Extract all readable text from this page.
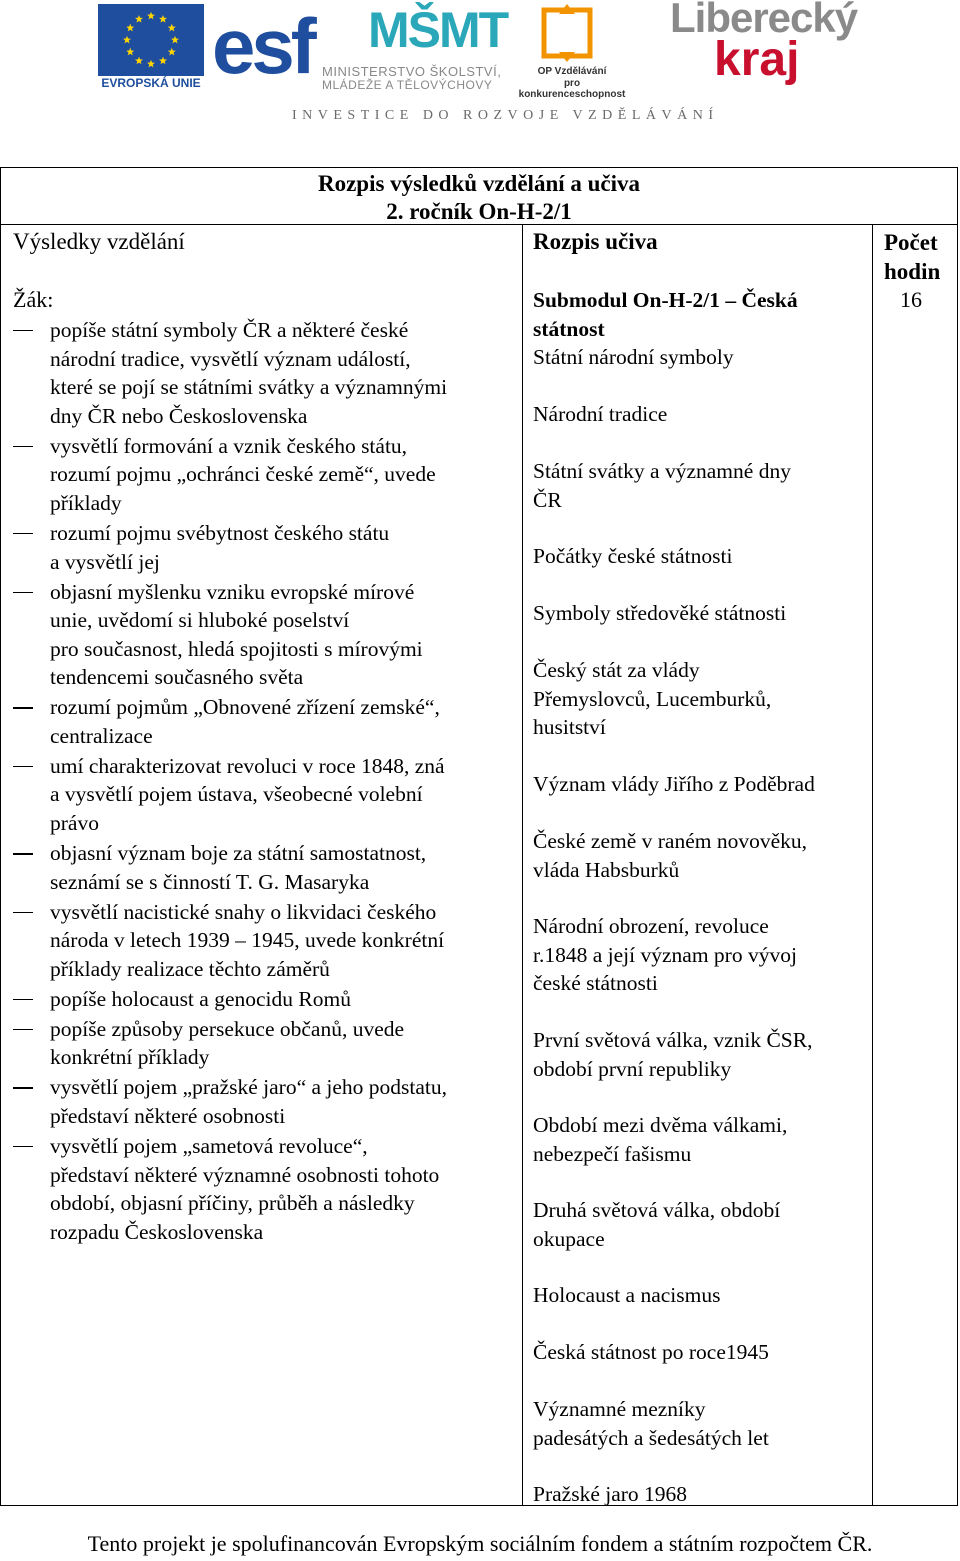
EVROPSKÁ UNIE esf MŠMT
MINISTERSTVO ŠKOLSTVÍ,
MLÁDEŽE A TĚLOVÝCHOVY
OP Vzdělávání
pro konkurenceschopnost
Liberecký
kraj
INVESTICE DO ROZVOJE VZDĚLÁVÁNÍ
Rozpis výsledků vzdělání a učiva
2. ročník On-H-2/1
Výsledky vzdělání	Rozpis učiva	Počet
hodin
Žák:
popíše státní symboly ČR a některé české
národní tradice, vysvětlí význam událostí,
které se pojí se státními svátky a významnými
dny ČR nebo Československa
vysvětlí formování a vznik českého státu,
rozumí pojmu „ochránci české země“, uvede
příklady
rozumí pojmu svébytnost českého státu
a vysvětlí jej
objasní myšlenku vzniku evropské mírové
unie, uvědomí si hluboké poselství
pro současnost, hledá spojitosti s mírovými
tendencemi současného světa
rozumí pojmům „Obnovené zřízení zemské“,
centralizace
umí charakterizovat revoluci v roce 1848, zná
a vysvětlí pojem ústava, všeobecné volební
právo
objasní význam boje za státní samostatnost,
seznámí se s činností T. G. Masaryka
vysvětlí nacistické snahy o likvidaci českého
národa v letech 1939 – 1945, uvede konkrétní
příklady realizace těchto záměrů
popíše holocaust a genocidu Romů
popíše způsoby persekuce občanů, uvede
konkrétní příklady
vysvětlí pojem „pražské jaro“ a jeho podstatu,
představí některé osobnosti
vysvětlí pojem „sametová revoluce“,
představí některé významné osobnosti tohoto
období, objasní příčiny, průběh a následky
rozpadu Československa
Submodul On-H-2/1 – Česká
státnost
Státní národní symboly
Národní tradice
Státní svátky a významné dny
ČR
Počátky české státnosti
Symboly středověké státnosti
Český stát za vlády
Přemyslovců, Lucemburků,
husitství
Význam vlády Jiřího z Poděbrad
České země v raném novověku,
vláda Habsburků
Národní obrození, revoluce
r.1848 a její význam pro vývoj
české státnosti
První světová válka, vznik ČSR,
období první republiky
Období mezi dvěma válkami,
nebezpečí fašismu
Druhá světová válka, období
okupace
Holocaust a nacismus
Česká státnost po roce1945
Významné mezníky
padesátých a šedesátých let
Pražské jaro 1968
16
Tento projekt je spolufinancován Evropským sociálním fondem a státním rozpočtem ČR.
